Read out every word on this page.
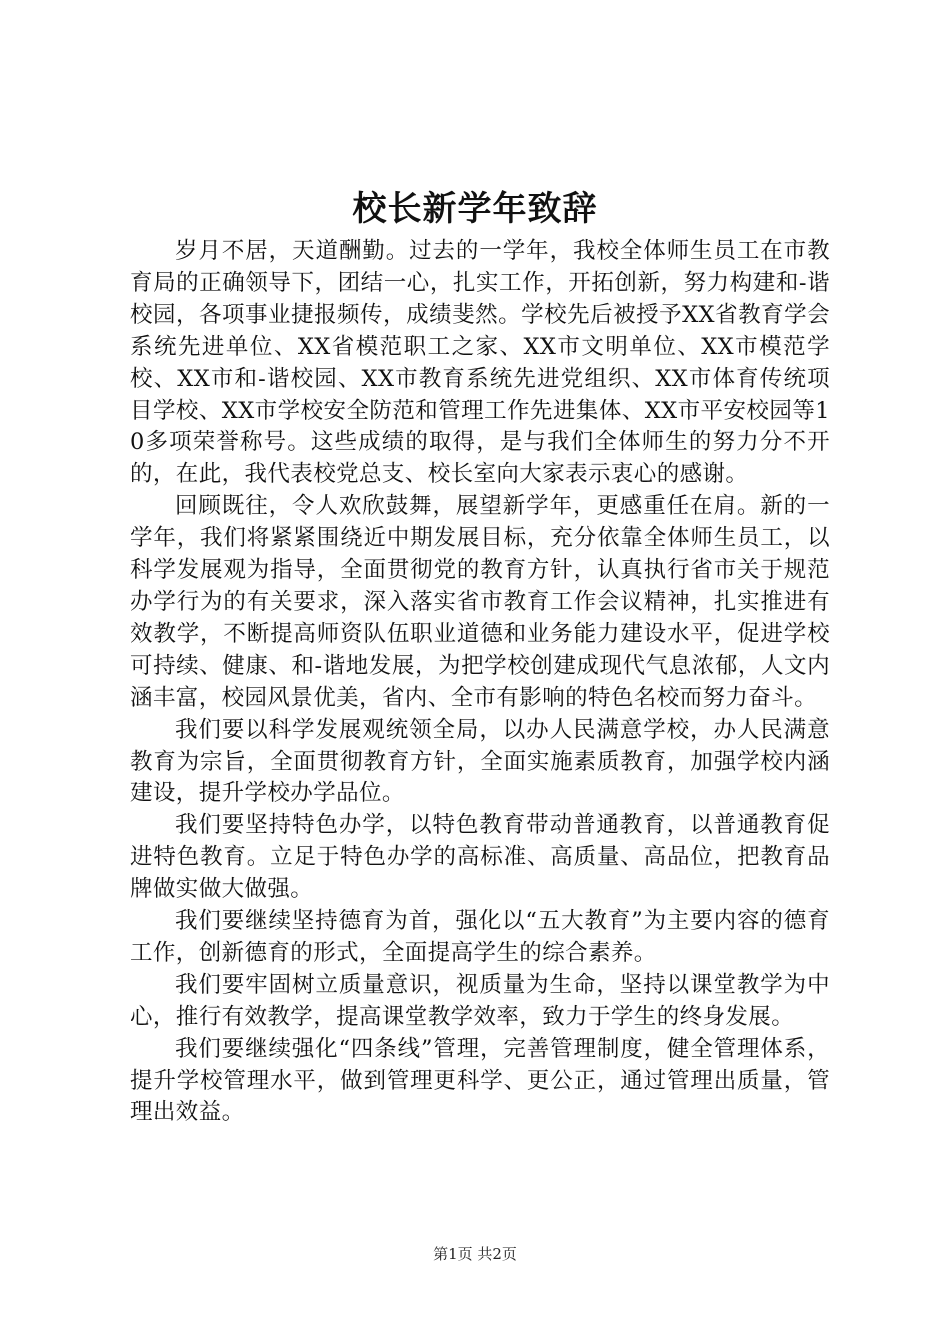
校长新学年致辞

岁月不居，天道酬勤。过去的一学年，我校全体师生员工在市教育局的正确领导下，团结一心，扎实工作，开拓创新，努力构建和-谐校园，各项事业捷报频传，成绩斐然。学校先后被授予XX省教育学会系统先进单位、XX省模范职工之家、XX市文明单位、XX市模范学校、XX市和-谐校园、XX市教育系统先进党组织、XX市体育传统项目学校、XX市学校安全防范和管理工作先进集体、XX市平安校园等10多项荣誉称号。这些成绩的取得，是与我们全体师生的努力分不开的，在此，我代表校党总支、校长室向大家表示衷心的感谢。

回顾既往，令人欢欣鼓舞，展望新学年，更感重任在肩。新的一学年，我们将紧紧围绕近中期发展目标，充分依靠全体师生员工，以科学发展观为指导，全面贯彻党的教育方针，认真执行省市关于规范办学行为的有关要求，深入落实省市教育工作会议精神，扎实推进有效教学，不断提高师资队伍职业道德和业务能力建设水平，促进学校可持续、健康、和-谐地发展，为把学校创建成现代气息浓郁，人文内涵丰富，校园风景优美，省内、全市有影响的特色名校而努力奋斗。

我们要以科学发展观统领全局，以办人民满意学校，办人民满意教育为宗旨，全面贯彻教育方针，全面实施素质教育，加强学校内涵建设，提升学校办学品位。

我们要坚持特色办学，以特色教育带动普通教育，以普通教育促进特色教育。立足于特色办学的高标准、高质量、高品位，把教育品牌做实做大做强。

我们要继续坚持德育为首，强化以“五大教育”为主要内容的德育工作，创新德育的形式，全面提高学生的综合素养。

我们要牢固树立质量意识，视质量为生命，坚持以课堂教学为中心，推行有效教学，提高课堂教学效率，致力于学生的终身发展。

我们要继续强化“四条线”管理，完善管理制度，健全管理体系，提升学校管理水平，做到管理更科学、更公正，通过管理出质量，管理出效益。

第1页 共2页
